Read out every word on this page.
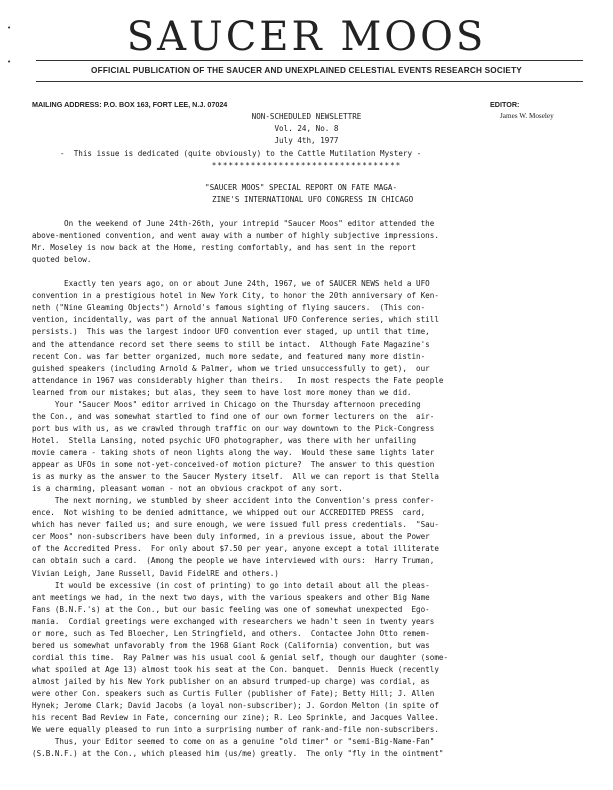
•
•
SAUCER MOOS
OFFICIAL PUBLICATION OF THE SAUCER AND UNEXPLAINED CELESTIAL EVENTS RESEARCH SOCIETY
MAILING ADDRESS: P.O. BOX 163, FORT LEE, N.J. 07024	EDITOR:
James W. Moseley
NON-SCHEDULED NEWSLETTRE
Vol. 24, No. 8
July 4th, 1977
-  This issue is dedicated (quite obviously) to the Cattle Mutilation Mystery -
**********************************
"SAUCER MOOS" SPECIAL REPORT ON FATE MAGA-
ZINE'S INTERNATIONAL UFO CONGRESS IN CHICAGO
On the weekend of June 24th-26th, your intrepid "Saucer Moos" editor attended the
above-mentioned convention, and went away with a number of highly subjective impressions.
Mr. Moseley is now back at the Home, resting comfortably, and has sent in the report
quoted below.
Exactly ten years ago, on or about June 24th, 1967, we of SAUCER NEWS held a UFO
convention in a prestigious hotel in New York City, to honor the 20th anniversary of Ken-
neth ("Nine Gleaming Objects") Arnold's famous sighting of flying saucers.  (This con-
vention, incidentally, was part of the annual National UFO Conference series, which still
persists.)  This was the largest indoor UFO convention ever staged, up until that time,
and the attendance record set there seems to still be intact.  Although Fate Magazine's
recent Con. was far better organized, much more sedate, and featured many more distin-
guished speakers (including Arnold & Palmer, whom we tried unsuccessfully to get),  our
attendance in 1967 was considerably higher than theirs.   In most respects the Fate people
learned from our mistakes; but alas, they seem to have lost more money than we did.
Your "Saucer Moos" editor arrived in Chicago on the Thursday afternoon preceding
the Con., and was somewhat startled to find one of our own former lecturers on the  air-
port bus with us, as we crawled through traffic on our way downtown to the Pick-Congress
Hotel.  Stella Lansing, noted psychic UFO photographer, was there with her unfailing
movie camera - taking shots of neon lights along the way.  Would these same lights later
appear as UFOs in some not-yet-conceived-of motion picture?  The answer to this question
is as murky as the answer to the Saucer Mystery itself.  All we can report is that Stella
is a charming, pleasant woman - not an obvious crackpot of any sort.
The next morning, we stumbled by sheer accident into the Convention's press confer-
ence.  Not wishing to be denied admittance, we whipped out our ACCREDITED PRESS  card,
which has never failed us; and sure enough, we were issued full press credentials.  "Sau-
cer Moos" non-subscribers have been duly informed, in a previous issue, about the Power
of the Accredited Press.  For only about $7.50 per year, anyone except a total illiterate
can obtain such a card.  (Among the people we have interviewed with ours:  Harry Truman,
Vivian Leigh, Jane Russell, David FidelRE and others.)
It would be excessive (in cost of printing) to go into detail about all the pleas-
ant meetings we had, in the next two days, with the various speakers and other Big Name
Fans (B.N.F.'s) at the Con., but our basic feeling was one of somewhat unexpected  Ego-
mania.  Cordial greetings were exchanged with researchers we hadn't seen in twenty years
or more, such as Ted Bloecher, Len Stringfield, and others.  Contactee John Otto remem-
bered us somewhat unfavorably from the 1968 Giant Rock (California) convention, but was
cordial this time.  Ray Palmer was his usual cool & genial self, though our daughter (some-
what spoiled at Age 13) almost took his seat at the Con. banquet.  Dennis Hueck (recently
almost jailed by his New York publisher on an absurd trumped-up charge) was cordial, as
were other Con. speakers such as Curtis Fuller (publisher of Fate); Betty Hill; J. Allen
Hynek; Jerome Clark; David Jacobs (a loyal non-subscriber); J. Gordon Melton (in spite of
his recent Bad Review in Fate, concerning our zine); R. Leo Sprinkle, and Jacques Vallee.
We were equally pleased to run into a surprising number of rank-and-file non-subscribers.
Thus, your Editor seemed to come on as a genuine "old timer" or "semi-Big-Name-Fan"
(S.B.N.F.) at the Con., which pleased him (us/me) greatly.  The only "fly in the ointment"
